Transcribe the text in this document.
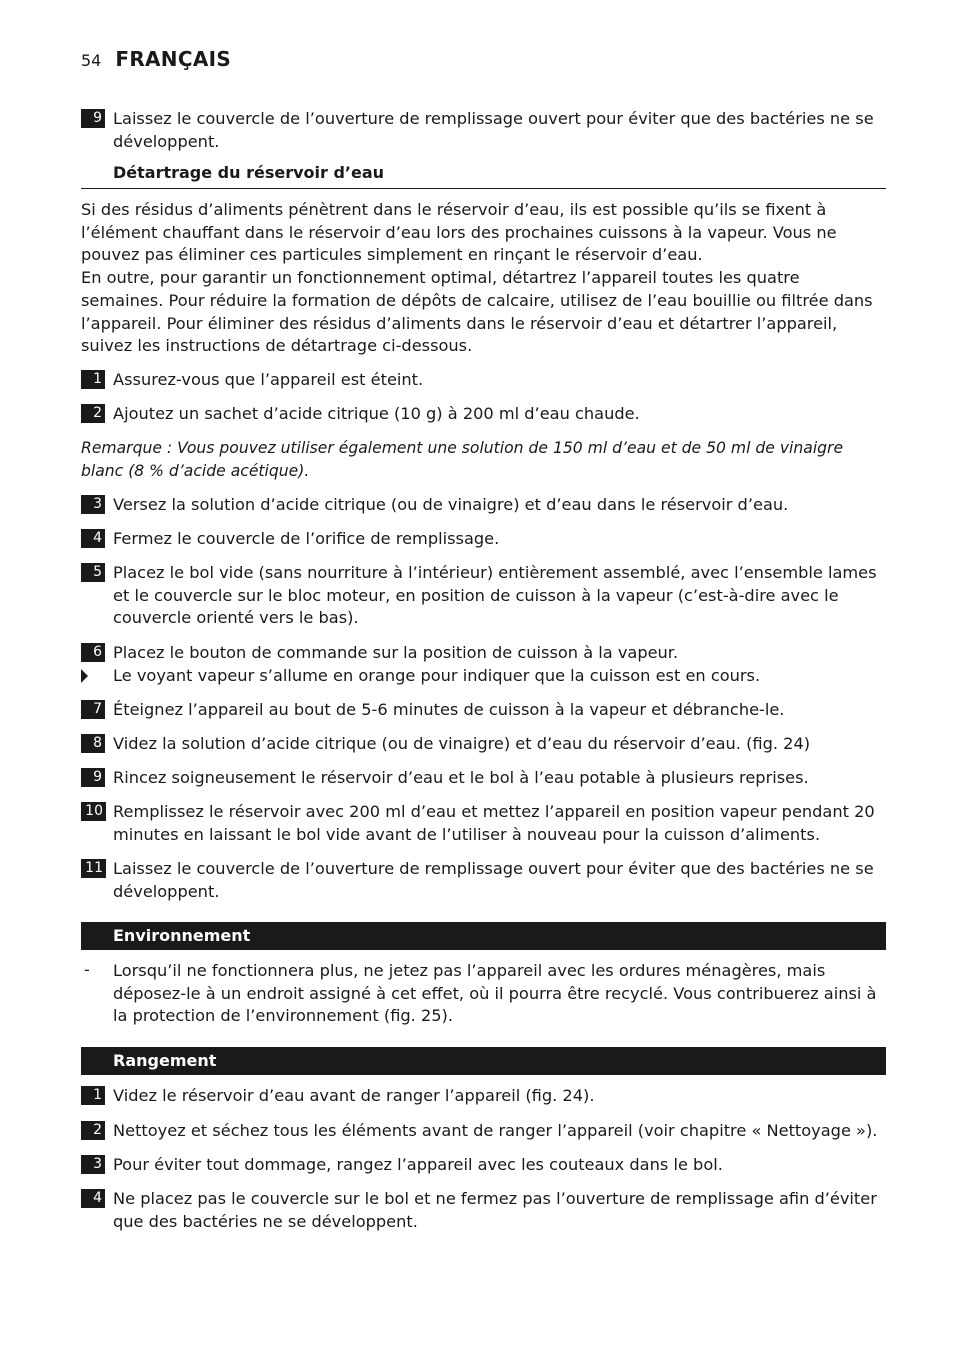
54 FRANÇAIS
9 Laissez le couvercle de l’ouverture de remplissage ouvert pour éviter que des bactéries ne se développent.
Détartrage du réservoir d’eau
Si des résidus d’aliments pénètrent dans le réservoir d’eau, ils est possible qu’ils se fixent à l’élément chauffant dans le réservoir d’eau lors des prochaines cuissons à la vapeur. Vous ne pouvez pas éliminer ces particules simplement en rinçant le réservoir d’eau.
En outre, pour garantir un fonctionnement optimal, détartrez l’appareil toutes les quatre semaines. Pour réduire la formation de dépôts de calcaire, utilisez de l’eau bouillie ou filtrée dans l’appareil. Pour éliminer des résidus d’aliments dans le réservoir d’eau et détartrer l’appareil, suivez les instructions de détartrage ci-dessous.
1 Assurez-vous que l’appareil est éteint.
2 Ajoutez un sachet d’acide citrique (10 g) à 200 ml d’eau chaude.
Remarque : Vous pouvez utiliser également une solution de 150 ml d’eau et de 50 ml de vinaigre blanc (8 % d’acide acétique).
3 Versez la solution d’acide citrique (ou de vinaigre) et d’eau dans le réservoir d’eau.
4 Fermez le couvercle de l’orifice de remplissage.
5 Placez le bol vide (sans nourriture à l’intérieur) entièrement assemblé, avec l’ensemble lames et le couvercle sur le bloc moteur, en position de cuisson à la vapeur (c’est-à-dire avec le couvercle orienté vers le bas).
6 Placez le bouton de commande sur la position de cuisson à la vapeur.
Le voyant vapeur s’allume en orange pour indiquer que la cuisson est en cours.
7 Éteignez l’appareil au bout de 5-6 minutes de cuisson à la vapeur et débranche-le.
8 Videz la solution d’acide citrique (ou de vinaigre) et d’eau du réservoir d’eau. (fig. 24)
9 Rincez soigneusement le réservoir d’eau et le bol à l’eau potable à plusieurs reprises.
10 Remplissez le réservoir avec 200 ml d’eau et mettez l’appareil en position vapeur pendant 20 minutes en laissant le bol vide avant de l’utiliser à nouveau pour la cuisson d’aliments.
11 Laissez le couvercle de l’ouverture de remplissage ouvert pour éviter que des bactéries ne se développent.
Environnement
- Lorsqu’il ne fonctionnera plus, ne jetez pas l’appareil avec les ordures ménagères, mais déposez-le à un endroit assigné à cet effet, où il pourra être recyclé. Vous contribuerez ainsi à la protection de l’environnement (fig. 25).
Rangement
1 Videz le réservoir d’eau avant de ranger l’appareil (fig. 24).
2 Nettoyez et séchez tous les éléments avant de ranger l’appareil (voir chapitre « Nettoyage »).
3 Pour éviter tout dommage, rangez l’appareil avec les couteaux dans le bol.
4 Ne placez pas le couvercle sur le bol et ne fermez pas l’ouverture de remplissage afin d’éviter que des bactéries ne se développent.
